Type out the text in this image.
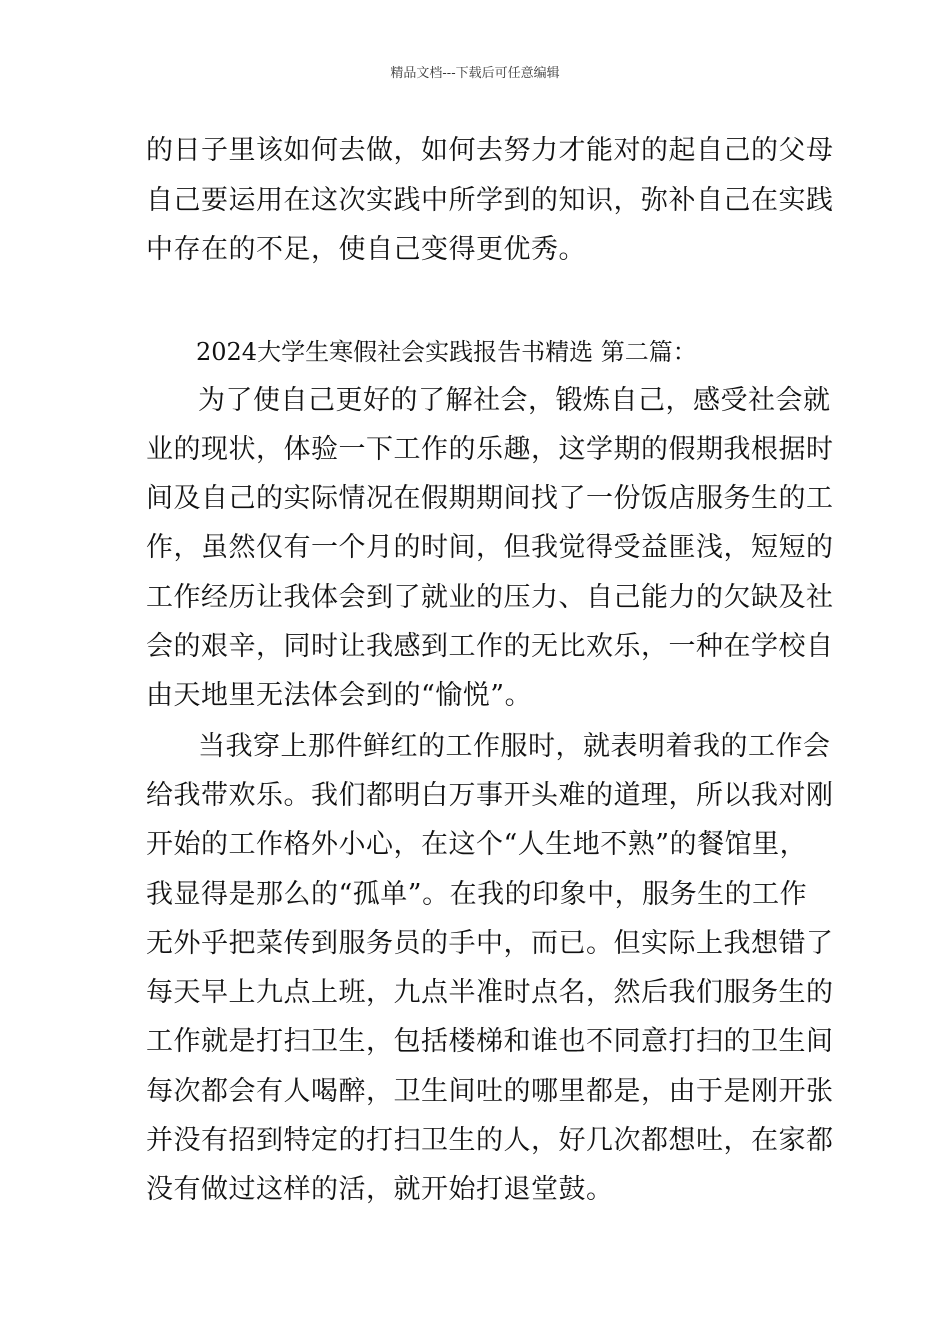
精品文档---下载后可任意编辑
的日子里该如何去做，如何去努力才能对的起自己的父母
自己要运用在这次实践中所学到的知识，弥补自己在实践
中存在的不足，使自己变得更优秀。
2024大学生寒假社会实践报告书精选 第二篇：
为了使自己更好的了解社会，锻炼自己，感受社会就
业的现状，体验一下工作的乐趣，这学期的假期我根据时
间及自己的实际情况在假期期间找了一份饭店服务生的工
作，虽然仅有一个月的时间，但我觉得受益匪浅，短短的
工作经历让我体会到了就业的压力、自己能力的欠缺及社
会的艰辛，同时让我感到工作的无比欢乐，一种在学校自
由天地里无法体会到的“愉悦”。
当我穿上那件鲜红的工作服时，就表明着我的工作会
给我带欢乐。我们都明白万事开头难的道理，所以我对刚
开始的工作格外小心，在这个“人生地不熟”的餐馆里，
我显得是那么的“孤单”。在我的印象中，服务生的工作
无外乎把菜传到服务员的手中，而已。但实际上我想错了
每天早上九点上班，九点半准时点名，然后我们服务生的
工作就是打扫卫生，包括楼梯和谁也不同意打扫的卫生间
每次都会有人喝醉，卫生间吐的哪里都是，由于是刚开张
并没有招到特定的打扫卫生的人，好几次都想吐，在家都
没有做过这样的活，就开始打退堂鼓。
